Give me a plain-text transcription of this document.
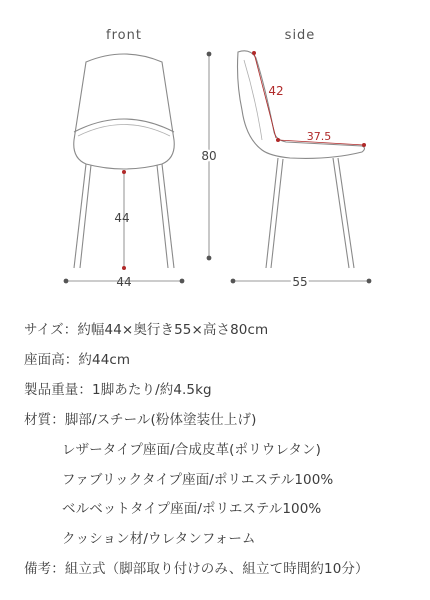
front	side
44
44
80
42
37.5
55
サイズ：約幅44×奥行き55×高さ80cm
座面高：約44cm
製品重量：1脚あたり/約4.5kg
材質：脚部/スチール(粉体塗装仕上げ)
レザータイプ座面/合成皮革(ポリウレタン)
ファブリックタイプ座面/ポリエステル100%
ベルベットタイプ座面/ポリエステル100%
クッション材/ウレタンフォーム
備考：組立式（脚部取り付けのみ、組立て時間約10分）
